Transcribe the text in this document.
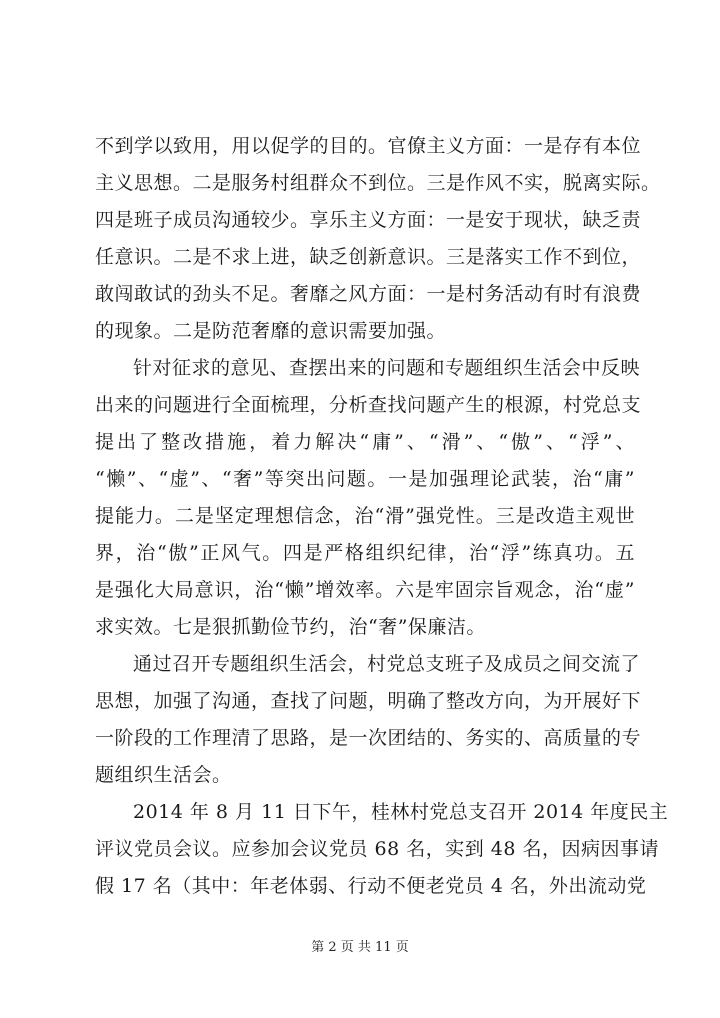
不到学以致用，用以促学的目的。官僚主义方面：一是存有本位
主义思想。二是服务村组群众不到位。三是作风不实，脱离实际。
四是班子成员沟通较少。享乐主义方面：一是安于现状，缺乏责
任意识。二是不求上进，缺乏创新意识。三是落实工作不到位，
敢闯敢试的劲头不足。奢靡之风方面：一是村务活动有时有浪费
的现象。二是防范奢靡的意识需要加强。
针对征求的意见、查摆出来的问题和专题组织生活会中反映
出来的问题进行全面梳理，分析查找问题产生的根源，村党总支
提出了整改措施，着力解决“庸”、“滑”、“傲”、“浮”、
“懒”、“虚”、“奢”等突出问题。一是加强理论武装，治“庸”
提能力。二是坚定理想信念，治“滑”强党性。三是改造主观世
界，治“傲”正风气。四是严格组织纪律，治“浮”练真功。五
是强化大局意识，治“懒”增效率。六是牢固宗旨观念，治“虚”
求实效。七是狠抓勤俭节约，治“奢”保廉洁。
通过召开专题组织生活会，村党总支班子及成员之间交流了
思想，加强了沟通，查找了问题，明确了整改方向，为开展好下
一阶段的工作理清了思路，是一次团结的、务实的、高质量的专
题组织生活会。
2014 年 8 月 11 日下午，桂林村党总支召开 2014 年度民主
评议党员会议。应参加会议党员 68 名，实到 48 名，因病因事请
假 17 名（其中：年老体弱、行动不便老党员 4 名，外出流动党
第 2 页 共 11 页
